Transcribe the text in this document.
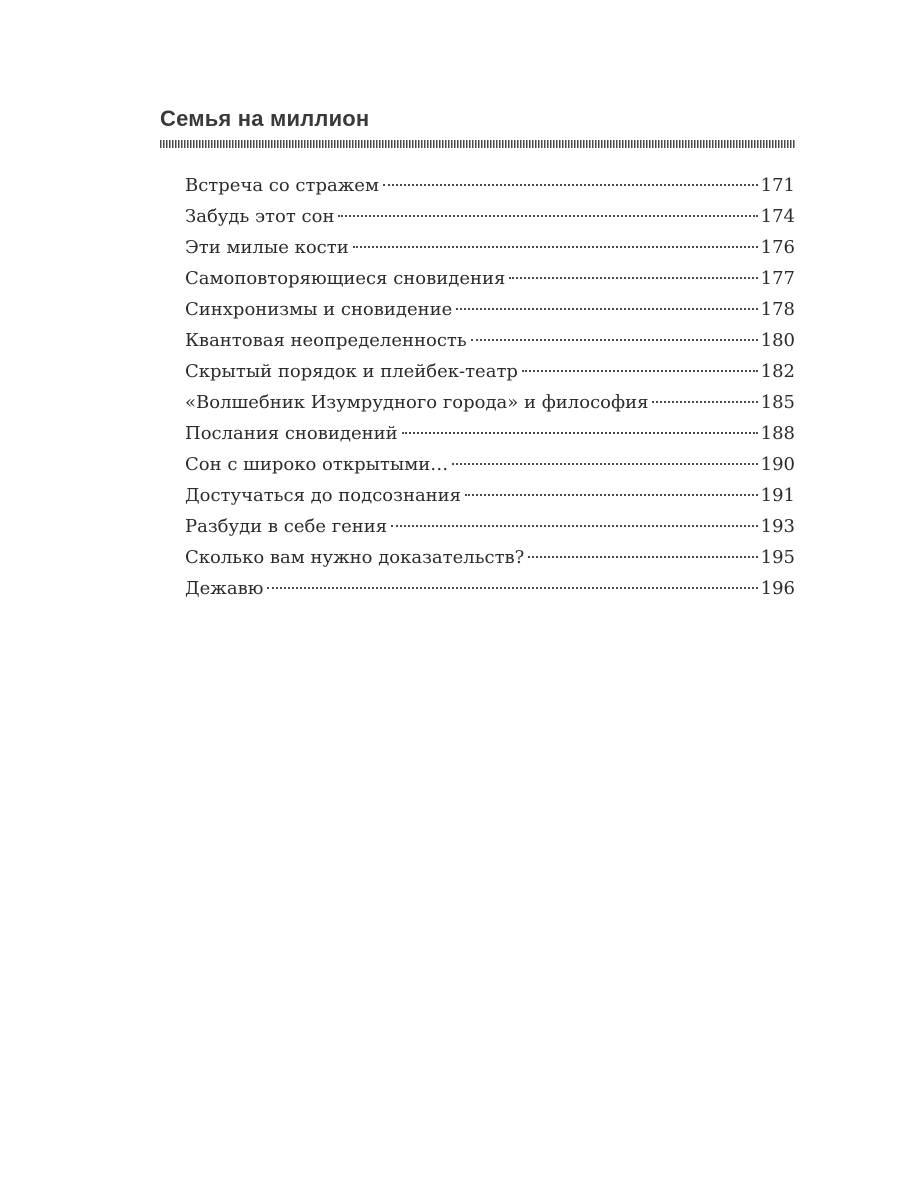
Семья на миллион
Встреча со стражем	171
Забудь этот сон	174
Эти милые кости	176
Самоповторяющиеся сновидения	177
Синхронизмы и сновидение	178
Квантовая неопределенность	180
Скрытый порядок и плейбек-театр	182
«Волшебник Изумрудного города» и философия	185
Послания сновидений	188
Сон с широко открытыми…	190
Достучаться до подсознания	191
Разбуди в себе гения	193
Сколько вам нужно доказательств?	195
Дежавю	196
